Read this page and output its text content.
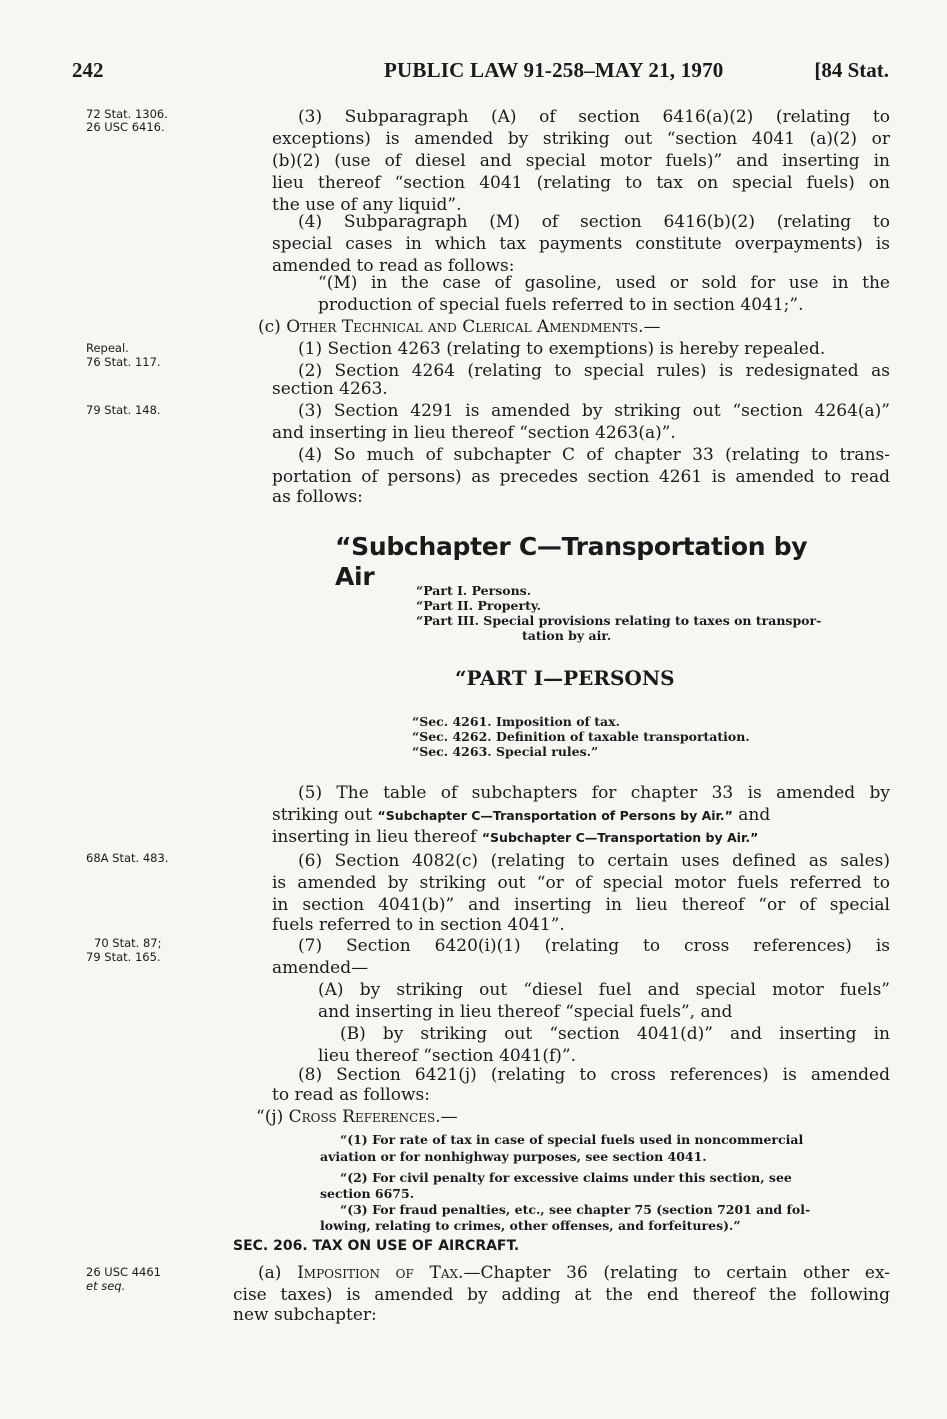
242	PUBLIC LAW 91-258–MAY 21, 1970	[84 Stat.
72 Stat. 1306.
26 USC 6416.
Repeal.
76 Stat. 117.
79 Stat. 148.
68A Stat. 483.
70 Stat. 87;
79 Stat. 165.
26 USC 4461
et seq.
(3) Subparagraph (A) of section 6416(a)(2) (relating to
exceptions) is amended by striking out “section 4041 (a)(2) or
(b)(2) (use of diesel and special motor fuels)” and inserting in
lieu thereof “section 4041 (relating to tax on special fuels) on
the use of any liquid”.
(4) Subparagraph (M) of section 6416(b)(2) (relating to
special cases in which tax payments constitute overpayments) is
amended to read as follows:
“(M) in the case of gasoline, used or sold for use in the
production of special fuels referred to in section 4041;”.
(c) Other Technical and Clerical Amendments.—
(1) Section 4263 (relating to exemptions) is hereby repealed.
(2) Section 4264 (relating to special rules) is redesignated as
section 4263.
(3) Section 4291 is amended by striking out “section 4264(a)”
and inserting in lieu thereof “section 4263(a)”.
(4) So much of subchapter C of chapter 33 (relating to trans-
portation of persons) as precedes section 4261 is amended to read
as follows:
“Subchapter C—Transportation by Air	“Part I. Persons.
“Part II. Property.
“Part III. Special provisions relating to taxes on transpor-
tation by air.
“PART I—PERSONS
“Sec. 4261. Imposition of tax.
“Sec. 4262. Definition of taxable transportation.
“Sec. 4263. Special rules.”
(5) The table of subchapters for chapter 33 is amended by
striking out “Subchapter C—Transportation of Persons by Air.” and
inserting in lieu thereof “Subchapter C—Transportation by Air.”
(6) Section 4082(c) (relating to certain uses defined as sales)
is amended by striking out “or of special motor fuels referred to
in section 4041(b)” and inserting in lieu thereof “or of special
fuels referred to in section 4041”.
(7) Section 6420(i)(1) (relating to cross references) is
amended—
(A) by striking out “diesel fuel and special motor fuels”
and inserting in lieu thereof “special fuels”, and
(B) by striking out “section 4041(d)” and inserting in
lieu thereof “section 4041(f)”.
(8) Section 6421(j) (relating to cross references) is amended
to read as follows:
“(j) Cross References.—
“(1) For rate of tax in case of special fuels used in noncommercial
aviation or for nonhighway purposes, see section 4041.
“(2) For civil penalty for excessive claims under this section, see
section 6675.
“(3) For fraud penalties, etc., see chapter 75 (section 7201 and fol-
lowing, relating to crimes, other offenses, and forfeitures).”
SEC. 206. TAX ON USE OF AIRCRAFT.
(a) Imposition of Tax.—Chapter 36 (relating to certain other ex-
cise taxes) is amended by adding at the end thereof the following
new subchapter:
